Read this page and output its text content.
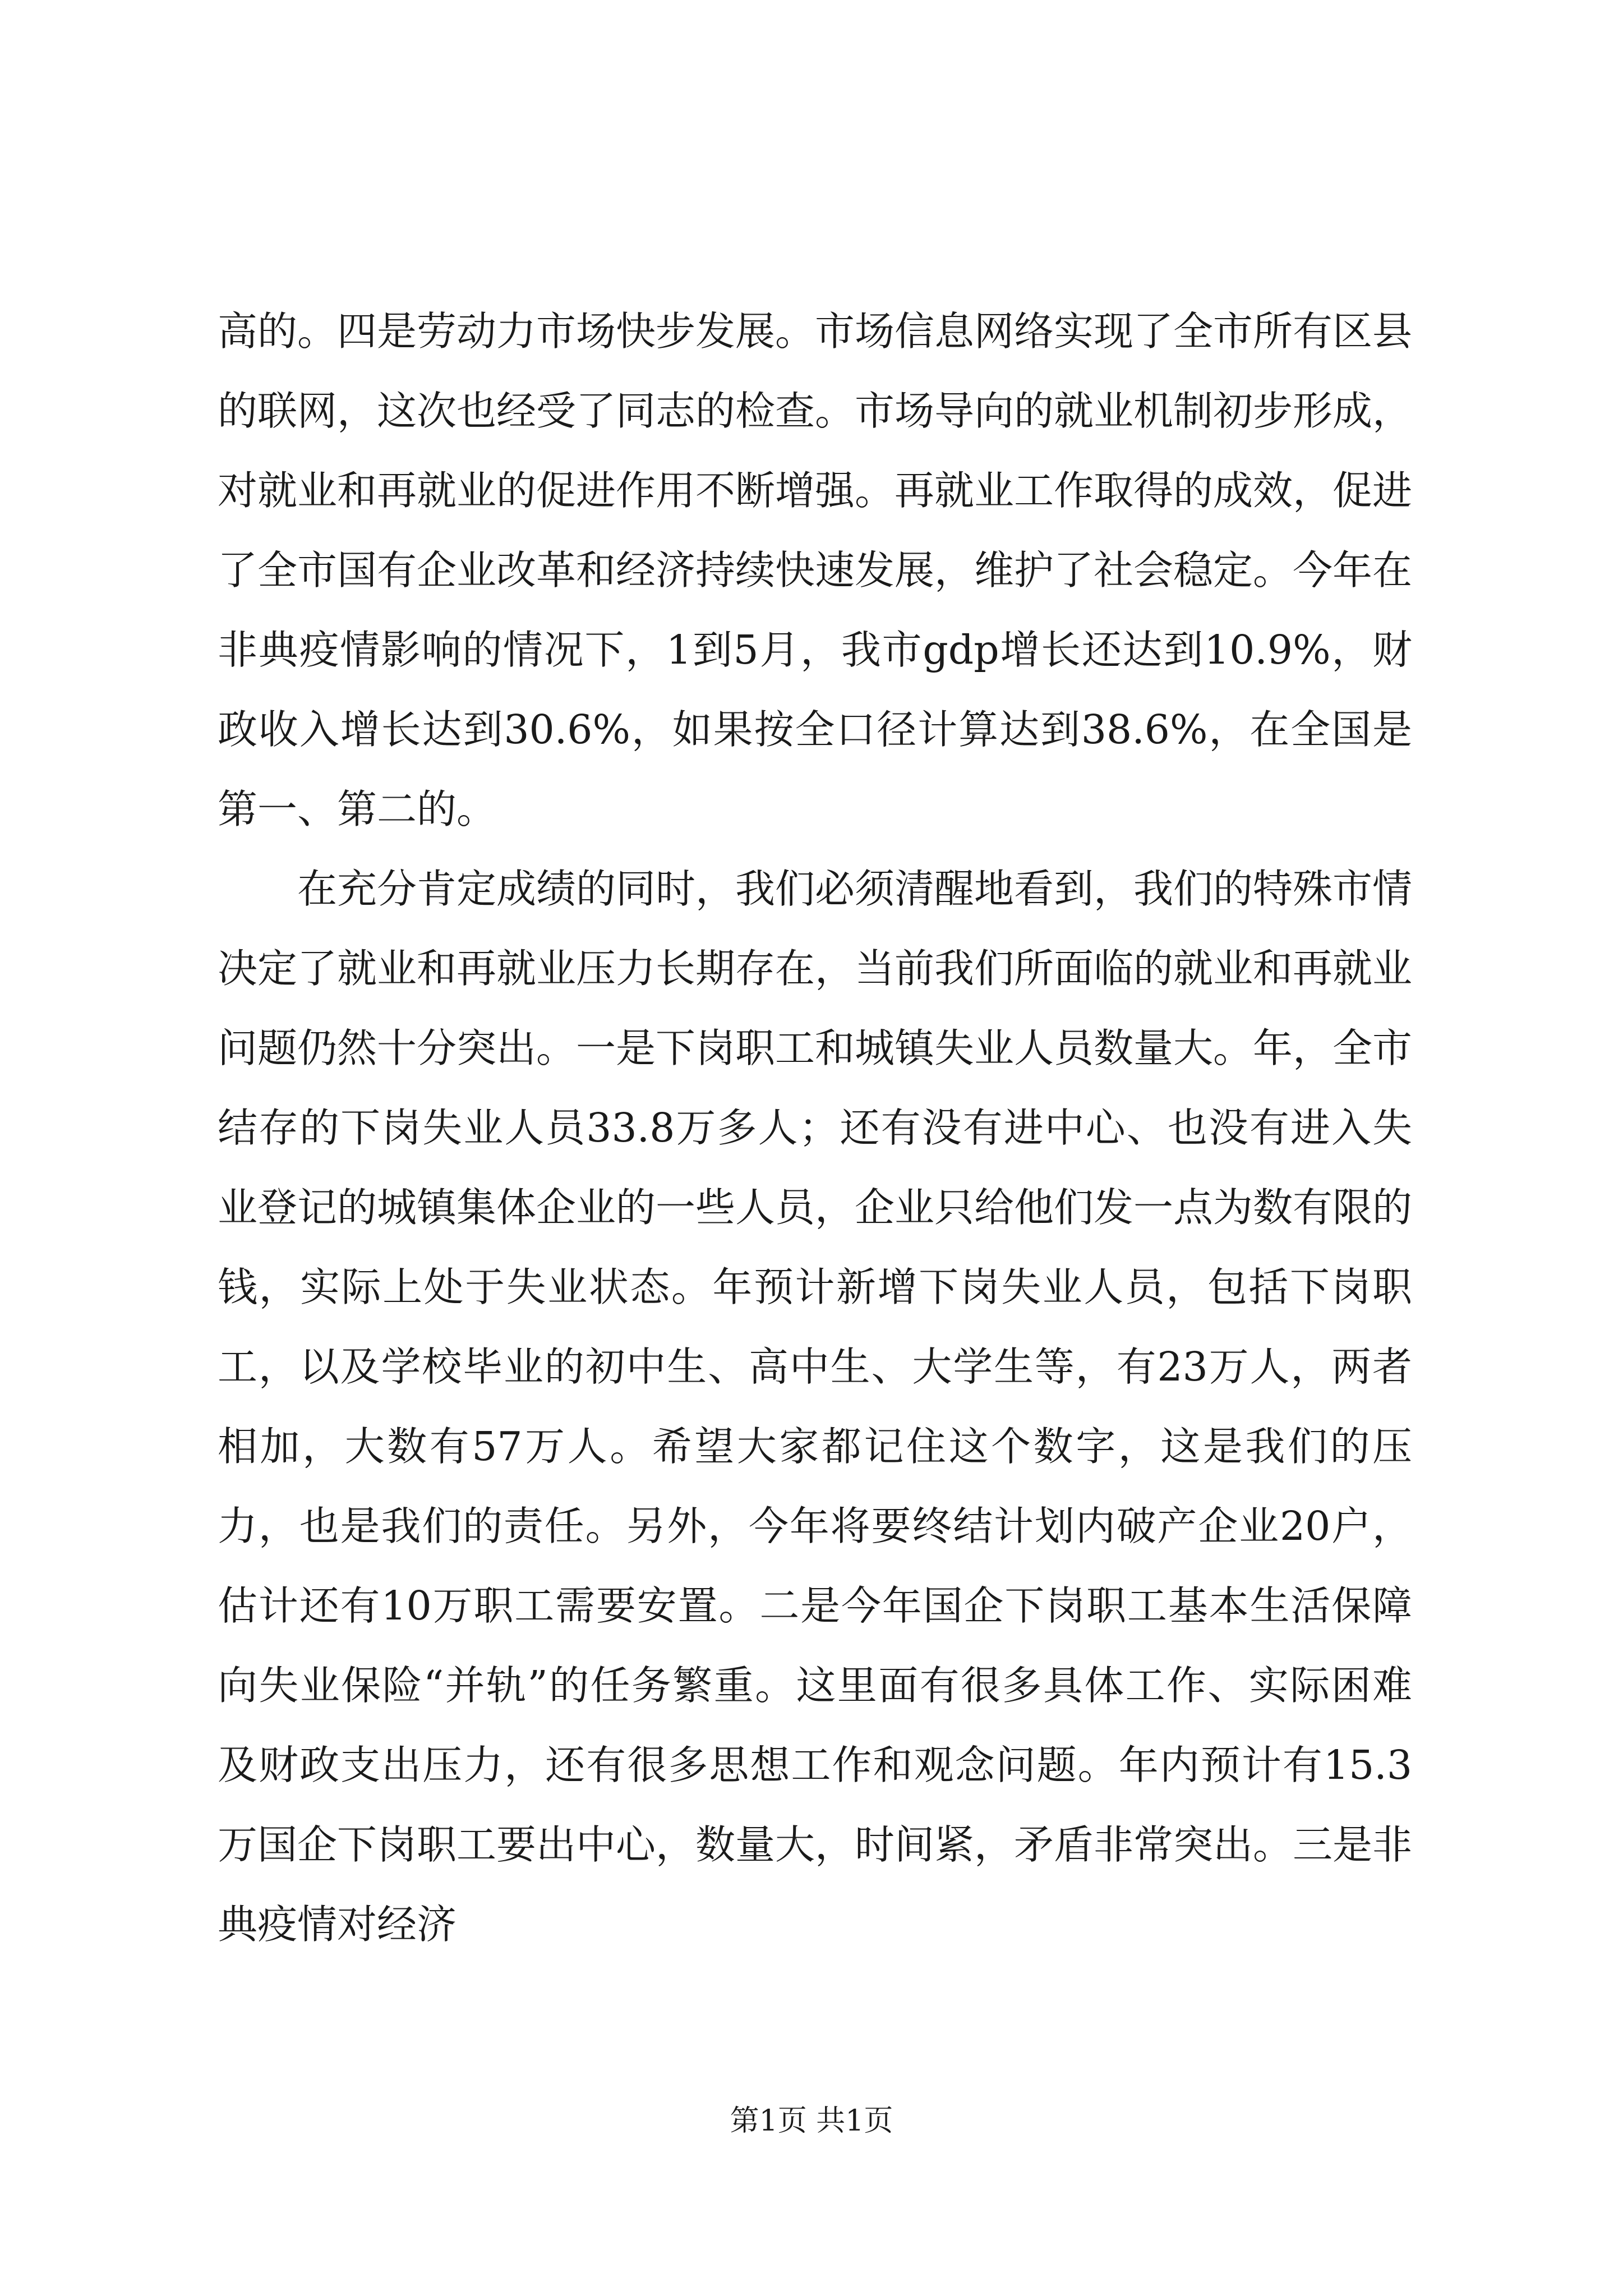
高的。四是劳动力市场快步发展。市场信息网络实现了全市所有区县的联网，这次也经受了同志的检查。市场导向的就业机制初步形成，对就业和再就业的促进作用不断增强。再就业工作取得的成效，促进了全市国有企业改革和经济持续快速发展，维护了社会稳定。今年在非典疫情影响的情况下，1到5月，我市gdp增长还达到10.9%，财政收入增长达到30.6%，如果按全口径计算达到38.6%，在全国是第一、第二的。

在充分肯定成绩的同时，我们必须清醒地看到，我们的特殊市情决定了就业和再就业压力长期存在，当前我们所面临的就业和再就业问题仍然十分突出。一是下岗职工和城镇失业人员数量大。年，全市结存的下岗失业人员33.8万多人；还有没有进中心、也没有进入失业登记的城镇集体企业的一些人员，企业只给他们发一点为数有限的钱，实际上处于失业状态。年预计新增下岗失业人员，包括下岗职工，以及学校毕业的初中生、高中生、大学生等，有23万人，两者相加，大数有57万人。希望大家都记住这个数字，这是我们的压力，也是我们的责任。另外，今年将要终结计划内破产企业20户，估计还有10万职工需要安置。二是今年国企下岗职工基本生活保障向失业保险“并轨”的任务繁重。这里面有很多具体工作、实际困难及财政支出压力，还有很多思想工作和观念问题。年内预计有15.3万国企下岗职工要出中心，数量大，时间紧，矛盾非常突出。三是非典疫情对经济

第1页 共1页
